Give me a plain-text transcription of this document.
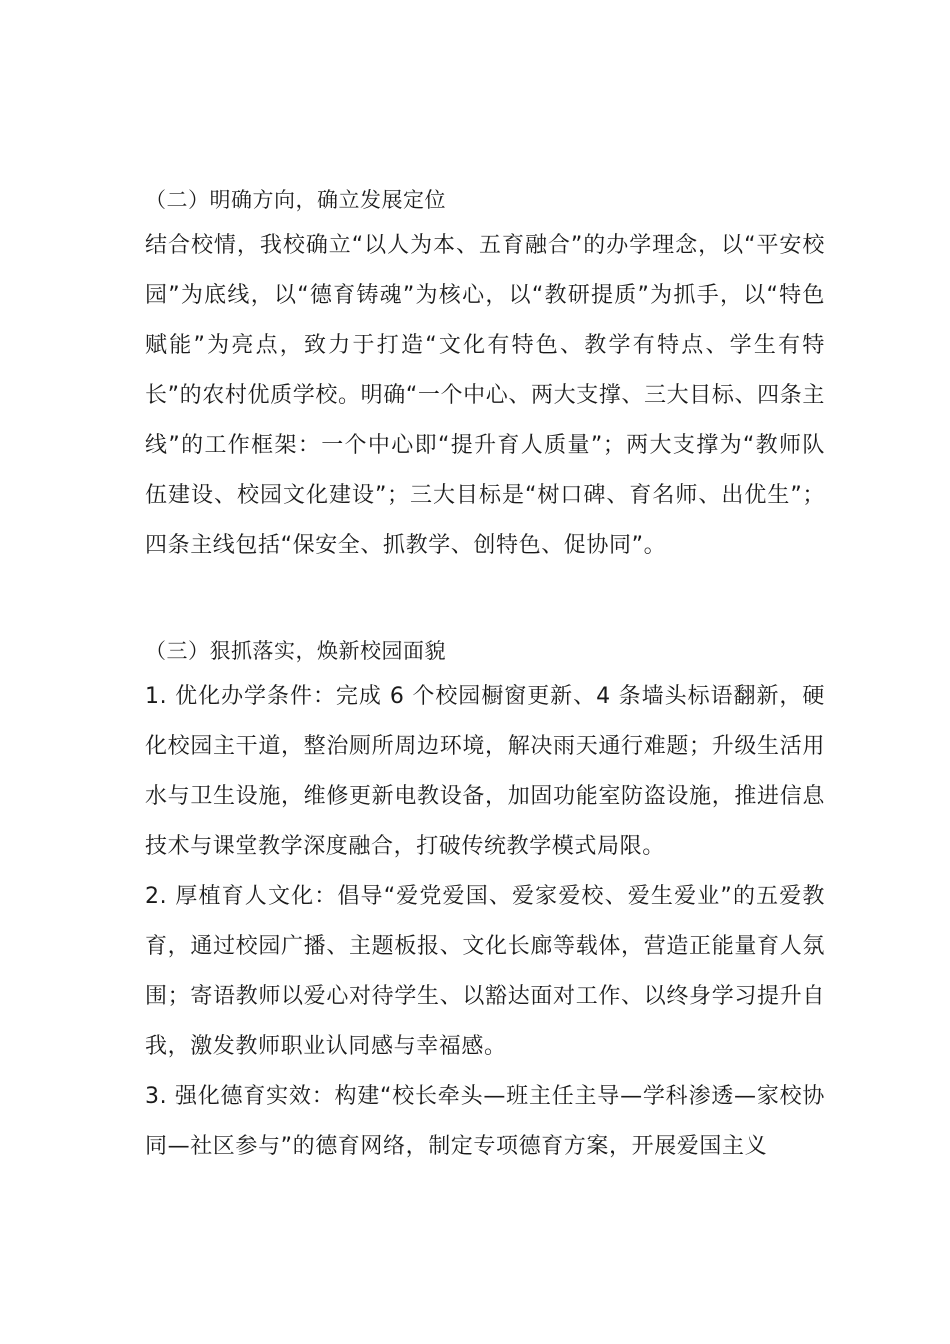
（二）明确方向，确立发展定位

结合校情，我校确立“以人为本、五育融合”的办学理念，以“平安校园”为底线，以“德育铸魂”为核心，以“教研提质”为抓手，以“特色赋能”为亮点，致力于打造“文化有特色、教学有特点、学生有特长”的农村优质学校。明确“一个中心、两大支撑、三大目标、四条主线”的工作框架：一个中心即“提升育人质量”；两大支撑为“教师队伍建设、校园文化建设”；三大目标是“树口碑、育名师、出优生”；四条主线包括“保安全、抓教学、创特色、促协同”。

（三）狠抓落实，焕新校园面貌

1. 优化办学条件：完成 6 个校园橱窗更新、4 条墙头标语翻新，硬化校园主干道，整治厕所周边环境，解决雨天通行难题；升级生活用水与卫生设施，维修更新电教设备，加固功能室防盗设施，推进信息技术与课堂教学深度融合，打破传统教学模式局限。

2. 厚植育人文化：倡导“爱党爱国、爱家爱校、爱生爱业”的五爱教育，通过校园广播、主题板报、文化长廊等载体，营造正能量育人氛围；寄语教师以爱心对待学生、以豁达面对工作、以终身学习提升自我，激发教师职业认同感与幸福感。

3. 强化德育实效：构建“校长牵头—班主任主导—学科渗透—家校协同—社区参与”的德育网络，制定专项德育方案，开展爱国主义
